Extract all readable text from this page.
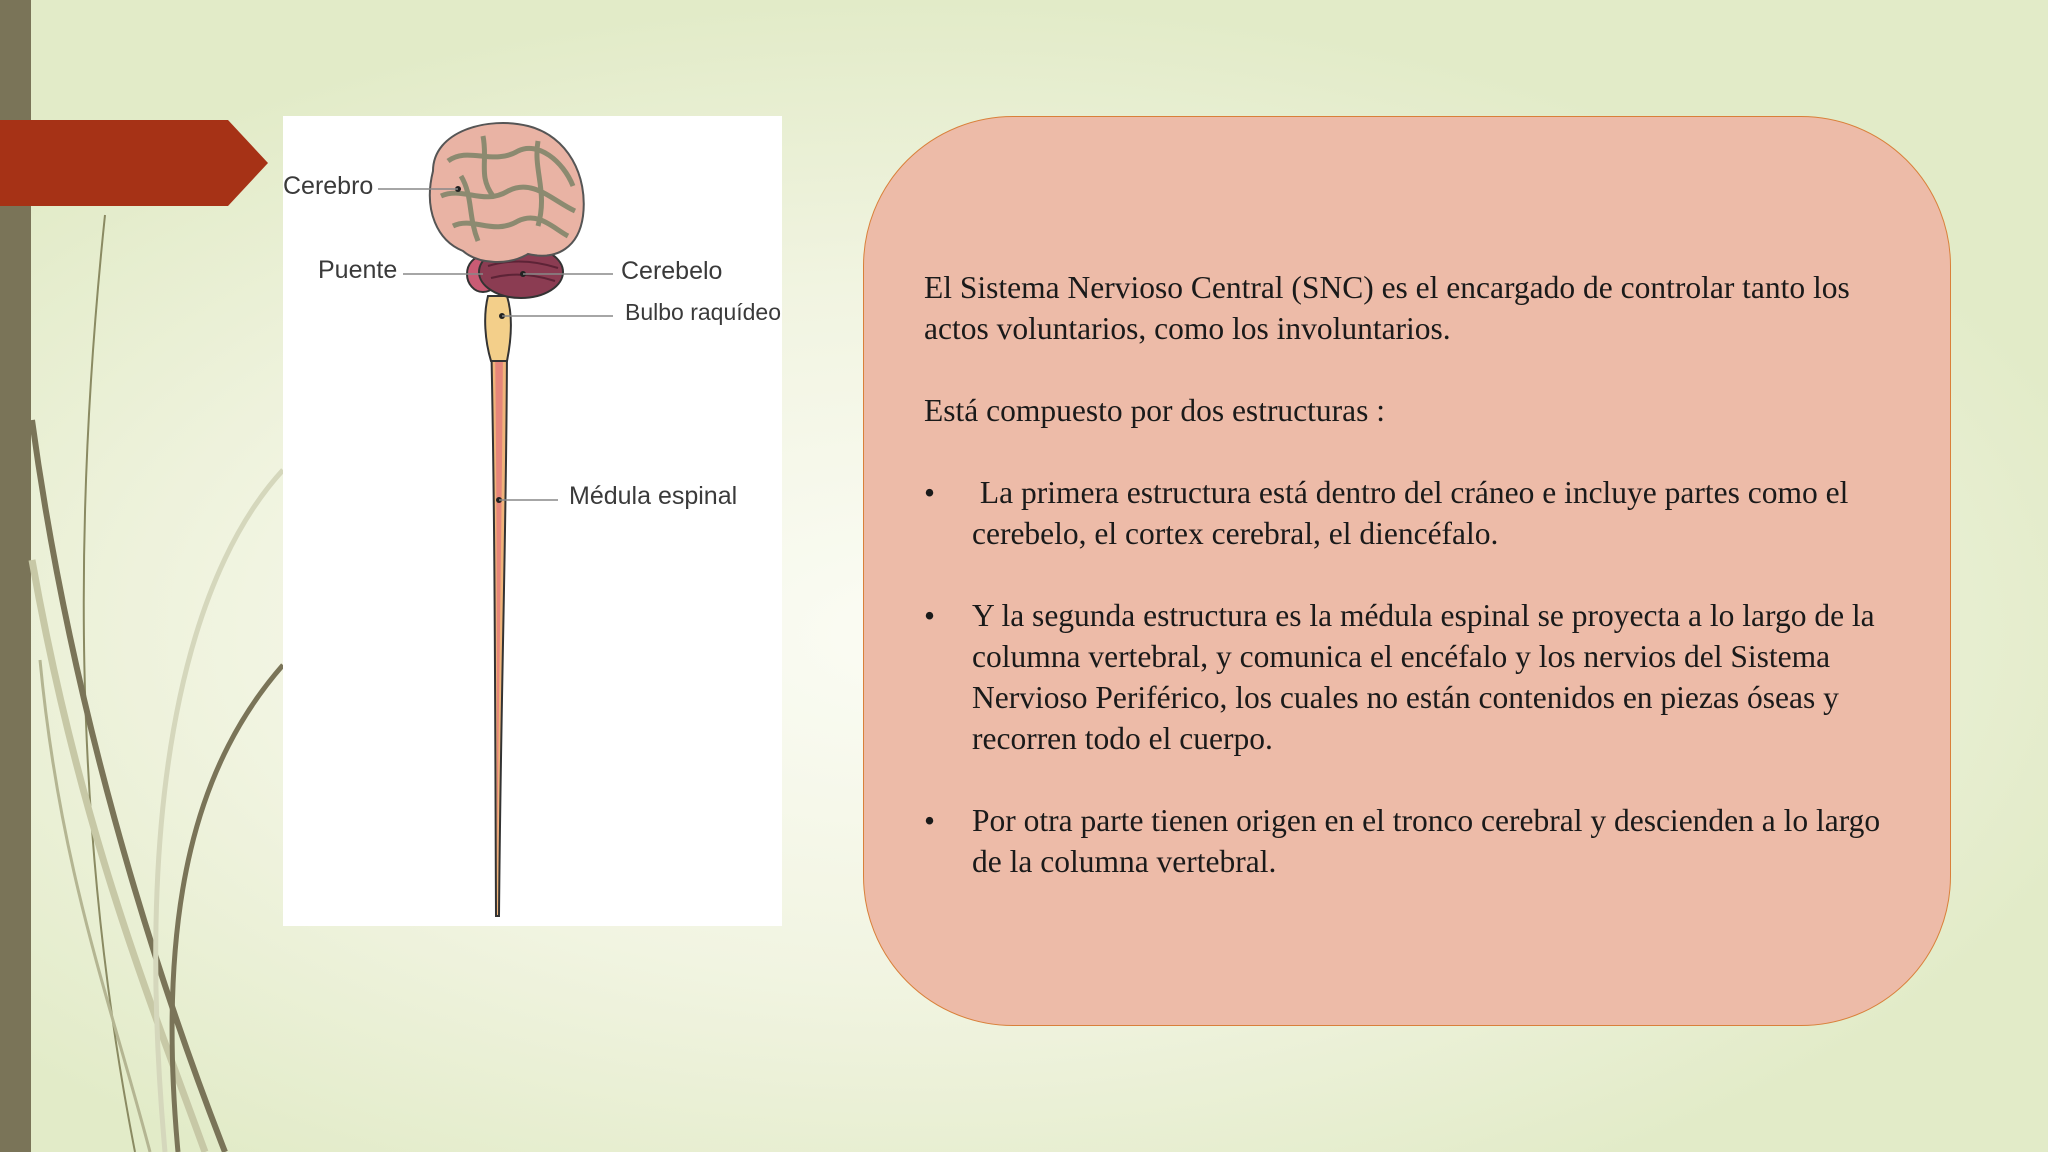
Cerebro
Puente	Cerebelo
Bulbo raquídeo
Médula espinal

El Sistema Nervioso Central (SNC) es el encargado de controlar tanto los actos voluntarios, como los involuntarios.

Está compuesto por dos estructuras :

• La primera estructura está dentro del cráneo e incluye partes como el cerebelo, el cortex cerebral, el diencéfalo.
• Y la segunda estructura es la médula espinal se proyecta a lo largo de la columna vertebral, y comunica el encéfalo y los nervios del Sistema Nervioso Periférico, los cuales no están contenidos en piezas óseas y recorren todo el cuerpo.
• Por otra parte tienen origen en el tronco cerebral y descienden a lo largo de la columna vertebral.
